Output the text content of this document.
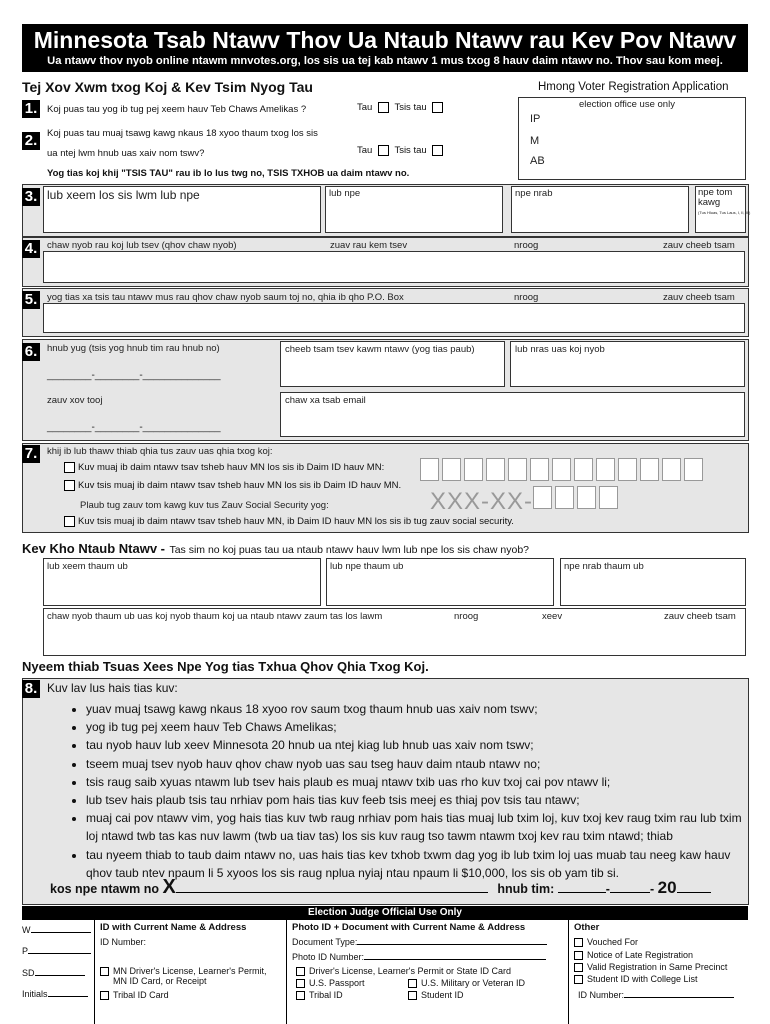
Minnesota Tsab Ntawv Thov Ua Ntaub Ntawv rau Kev Pov Ntawv
Ua ntawv thov nyob online ntawm mnvotes.org, los sis ua tej kab ntawv 1 mus txog 8 hauv daim ntawv no. Thov sau kom meej.
Tej Xov Xwm txog Koj & Kev Tsim Nyog Tau	Hmong Voter Registration Application
1. Koj puas tau yog ib tug pej xeem hauv Teb Chaws Amelikas ?	Tau Tsis tau
2. Koj puas tau muaj tsawg kawg nkaus 18 xyoo thaum txog los sis
ua ntej lwm hnub uas xaiv nom tswv?	Tau Tsis tau
Yog tias koj khij "TSIS TAU" rau ib lo lus twg no, TSIS TXHOB ua daim ntawv no.
election office use only
IP
M
AB
3. lub xeem los sis lwm lub npe	lub npe	npe nrab	npe tom kawg
(Tus Hluas, Tus Laus, I, II, III)
4. chaw nyob rau koj lub tsev (qhov chaw nyob)	zuav rau kem tsev	nroog	zauv cheeb tsam
5. yog tias xa tsis tau ntawv mus rau qhov chaw nyob saum toj no, qhia ib qho P.O. Box	nroog	zauv cheeb tsam
6. hnub yug (tsis yog hnub tim rau hnub no)
________-________-______________
cheeb tsam tsev kawm ntawv (yog tias paub)	lub nras uas koj nyob
zauv xov tooj
________-________-______________
chaw xa tsab email
7. khij ib lub thawv thiab qhia tus zauv uas qhia txog koj:
Kuv muaj ib daim ntawv tsav tsheb hauv MN los sis ib Daim ID hauv MN:
Kuv tsis muaj ib daim ntawv tsav tsheb hauv MN los sis ib Daim ID hauv MN.
Plaub tug zauv tom kawg kuv tus Zauv Social Security yog:	XXX-XX-
Kuv tsis muaj ib daim ntawv tsav tsheb hauv MN, ib Daim ID hauv MN los sis ib tug zauv social security.
Kev Kho Ntaub Ntawv - Tas sim no koj puas tau ua ntaub ntawv hauv lwm lub npe los sis chaw nyob?
lub xeem thaum ub	lub npe thaum ub	npe nrab thaum ub
chaw nyob thaum ub uas koj nyob thaum koj ua ntaub ntawv zaum tas los lawm	nroog	xeev	zauv cheeb tsam
Nyeem thiab Tsuas Xees Npe Yog tias Txhua Qhov Qhia Txog Koj.
8. Kuv lav lus hais tias kuv:
• yuav muaj tsawg kawg nkaus 18 xyoo rov saum txog thaum hnub uas xaiv nom tswv;
• yog ib tug pej xeem hauv Teb Chaws Amelikas;
• tau nyob hauv lub xeev Minnesota 20 hnub ua ntej kiag lub hnub uas xaiv nom tswv;
• tseem muaj tsev nyob hauv qhov chaw nyob uas sau tseg hauv daim ntaub ntawv no;
• tsis raug saib xyuas ntawm lub tsev hais plaub es muaj ntawv txib uas rho kuv txoj cai pov ntawv li;
• lub tsev hais plaub tsis tau nrhiav pom hais tias kuv feeb tsis meej es thiaj pov tsis tau ntawv;
• muaj cai pov ntawv vim, yog hais tias kuv twb raug nrhiav pom hais tias muaj lub txim loj, kuv txoj kev raug txim rau lub txim loj ntawd twb tas kas nuv lawm (twb ua tiav tas) los sis kuv raug tso tawm ntawm txoj kev rau txim ntawd; thiab
• tau nyeem thiab to taub daim ntawv no, uas hais tias kev txhob txwm dag yog ib lub txim loj uas muab tau neeg kaw hauv qhov taub ntev npaum li 5 xyoos los sis raug nplua nyiaj ntau npaum li $10,000, los sis ob yam tib si.
kos npe ntawm no X	hnub tim:	-	- 20
Election Judge Official Use Only
W
P
SD
Initials
ID with Current Name & Address
ID Number:
MN Driver's License, Learner's Permit, MN ID Card, or Receipt
Tribal ID Card
Photo ID + Document with Current Name & Address
Document Type:
Photo ID Number:
Driver's License, Learner's Permit or State ID Card
U.S. Passport	U.S. Military or Veteran ID
Tribal ID	Student ID
Other
Vouched For
Notice of Late Registration
Valid Registration in Same Precinct
Student ID with College List
ID Number:
